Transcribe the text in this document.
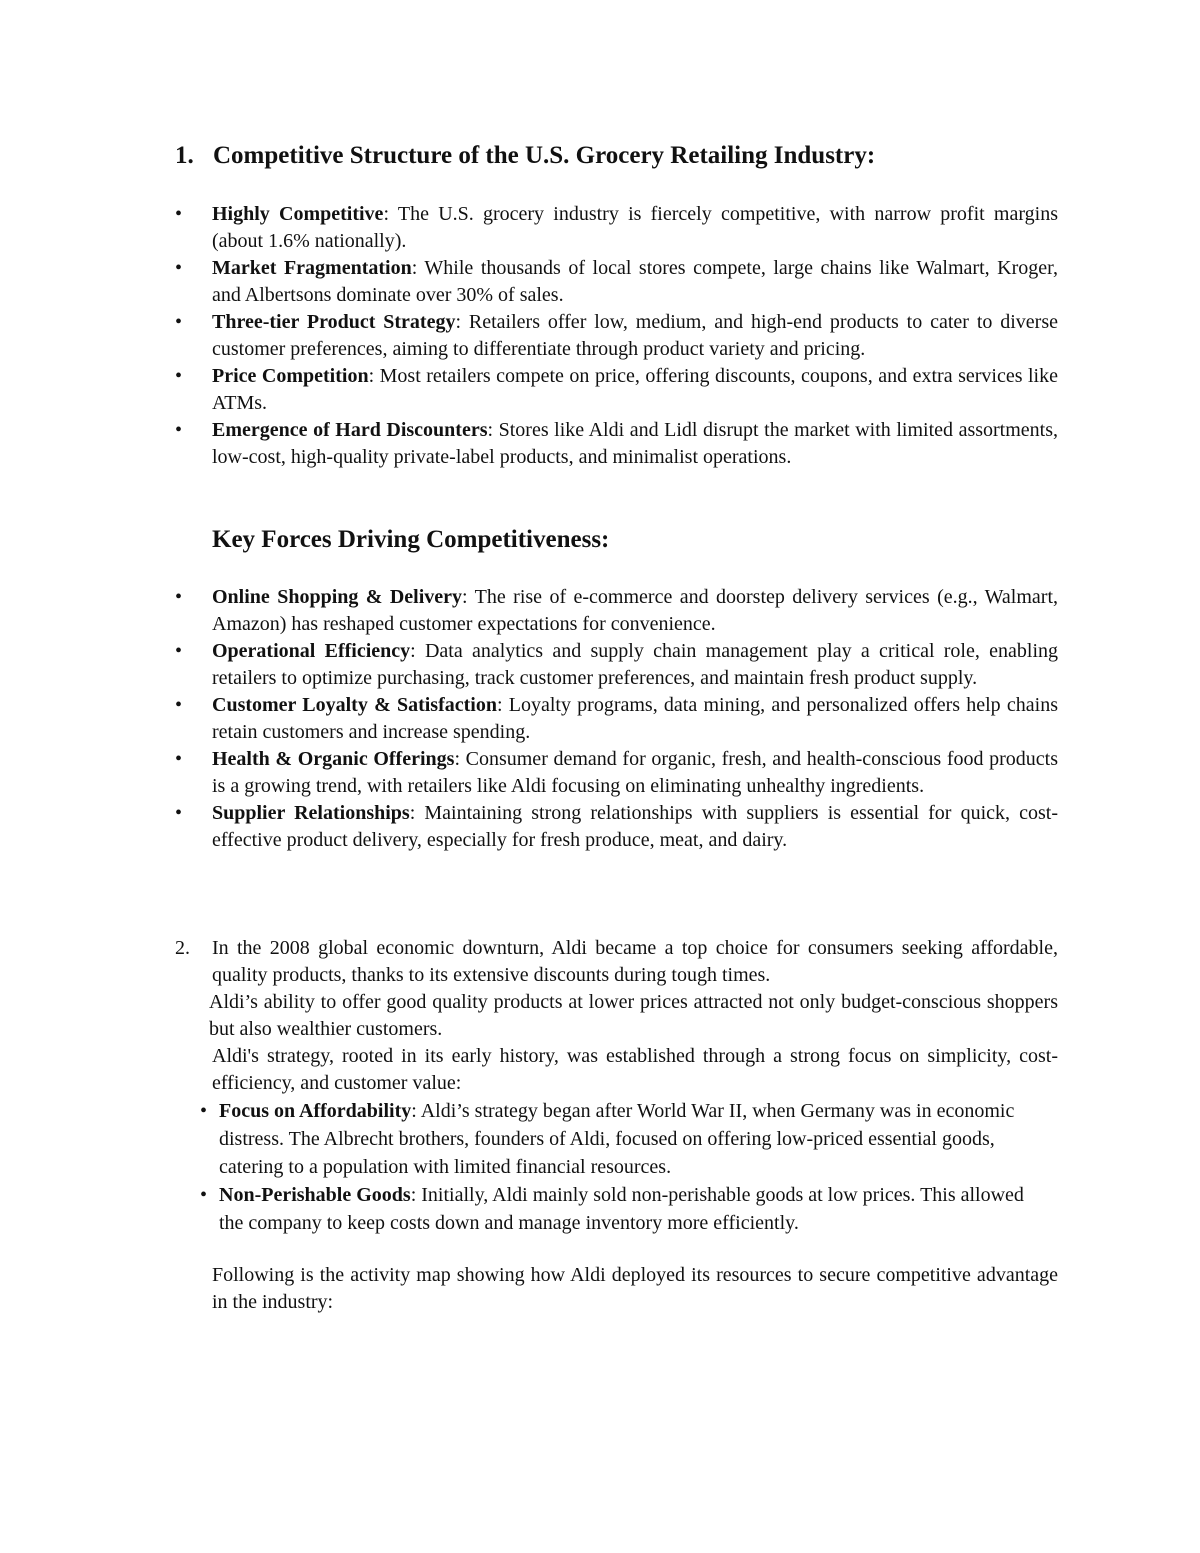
1. Competitive Structure of the U.S. Grocery Retailing Industry:
• Highly Competitive: The U.S. grocery industry is fiercely competitive, with narrow profit margins (about 1.6% nationally).
• Market Fragmentation: While thousands of local stores compete, large chains like Walmart, Kroger, and Albertsons dominate over 30% of sales.
• Three-tier Product Strategy: Retailers offer low, medium, and high-end products to cater to diverse customer preferences, aiming to differentiate through product variety and pricing.
• Price Competition: Most retailers compete on price, offering discounts, coupons, and extra services like ATMs.
• Emergence of Hard Discounters: Stores like Aldi and Lidl disrupt the market with limited assortments, low-cost, high-quality private-label products, and minimalist operations.
Key Forces Driving Competitiveness:
• Online Shopping & Delivery: The rise of e-commerce and doorstep delivery services (e.g., Walmart, Amazon) has reshaped customer expectations for convenience.
• Operational Efficiency: Data analytics and supply chain management play a critical role, enabling retailers to optimize purchasing, track customer preferences, and maintain fresh product supply.
• Customer Loyalty & Satisfaction: Loyalty programs, data mining, and personalized offers help chains retain customers and increase spending.
• Health & Organic Offerings: Consumer demand for organic, fresh, and health-conscious food products is a growing trend, with retailers like Aldi focusing on eliminating unhealthy ingredients.
• Supplier Relationships: Maintaining strong relationships with suppliers is essential for quick, cost-effective product delivery, especially for fresh produce, meat, and dairy.
2.	In the 2008 global economic downturn, Aldi became a top choice for consumers seeking affordable, quality products, thanks to its extensive discounts during tough times.

Aldi’s ability to offer good quality products at lower prices attracted not only budget-conscious shoppers but also wealthier customers.

Aldi's strategy, rooted in its early history, was established through a strong focus on simplicity, cost-efficiency, and customer value:

• Focus on Affordability: Aldi’s strategy began after World War II, when Germany was in economic distress. The Albrecht brothers, founders of Aldi, focused on offering low-priced essential goods, catering to a population with limited financial resources.
• Non-Perishable Goods: Initially, Aldi mainly sold non-perishable goods at low prices. This allowed the company to keep costs down and manage inventory more efficiently.

Following is the activity map showing how Aldi deployed its resources to secure competitive advantage in the industry:
